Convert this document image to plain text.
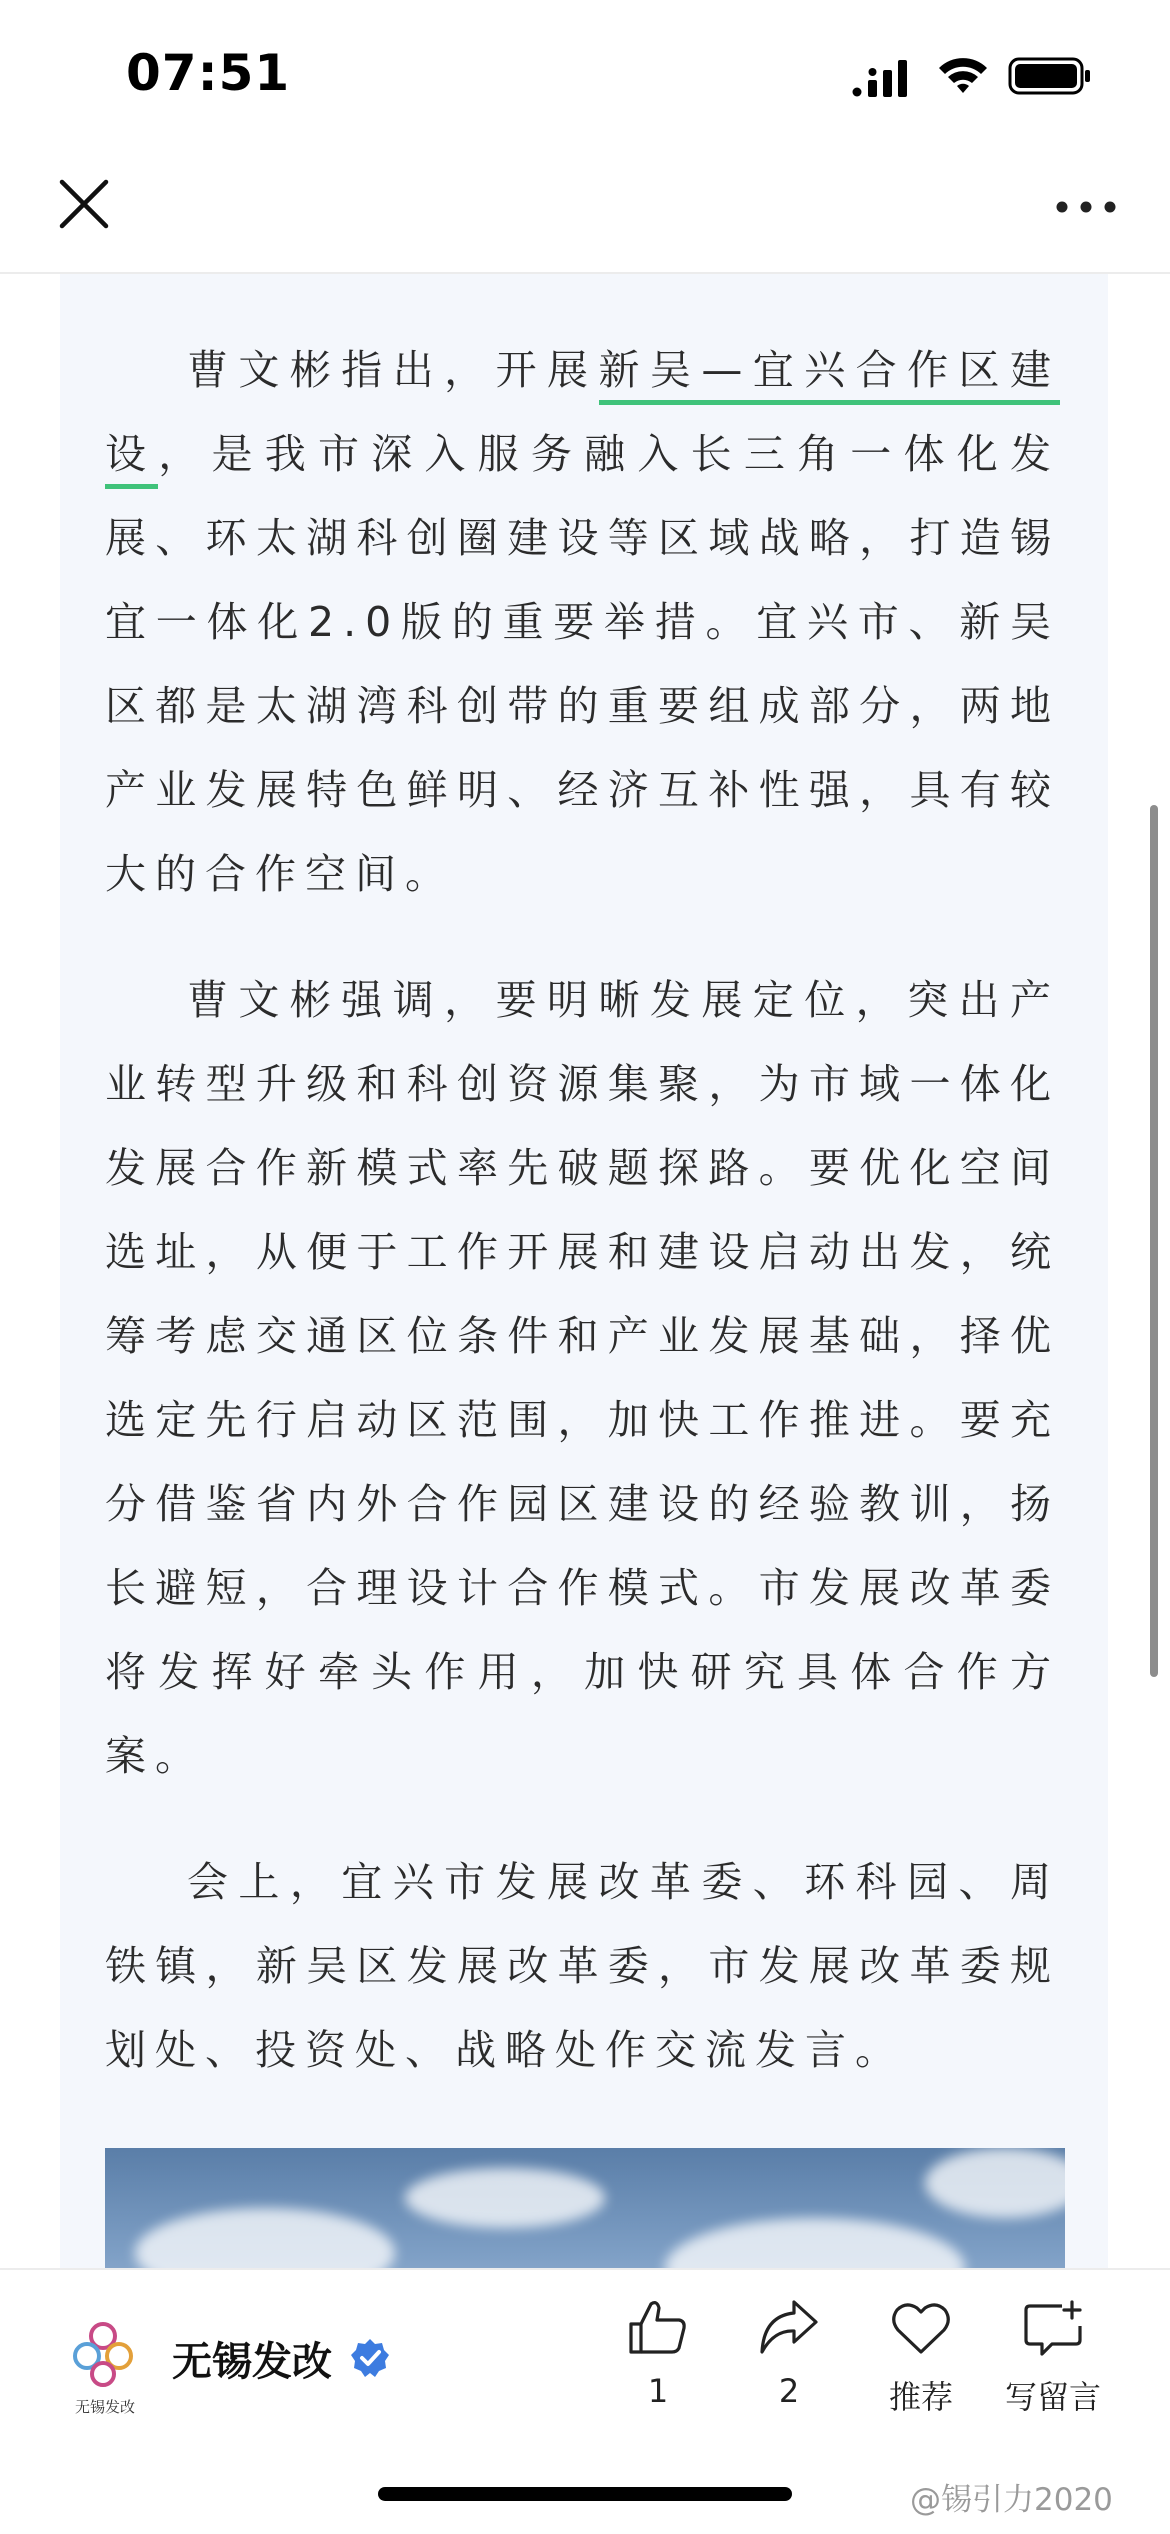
07:51

曹文彬指出，开展新吴—宜兴合作区建设，是我市深入服务融入长三角一体化发展、环太湖科创圈建设等区域战略，打造锡宜一体化2.0版的重要举措。宜兴市、新吴区都是太湖湾科创带的重要组成部分，两地产业发展特色鲜明、经济互补性强，具有较大的合作空间。

曹文彬强调，要明晰发展定位，突出产业转型升级和科创资源集聚，为市域一体化发展合作新模式率先破题探路。要优化空间选址，从便于工作开展和建设启动出发，统筹考虑交通区位条件和产业发展基础，择优选定先行启动区范围，加快工作推进。要充分借鉴省内外合作园区建设的经验教训，扬长避短，合理设计合作模式。市发展改革委将发挥好牵头作用，加快研究具体合作方案。

会上，宜兴市发展改革委、环科园、周铁镇，新吴区发展改革委，市发展改革委规划处、投资处、战略处作交流发言。

无锡发改
无锡发改
1	2	推荐	写留言
@锡引力2020
